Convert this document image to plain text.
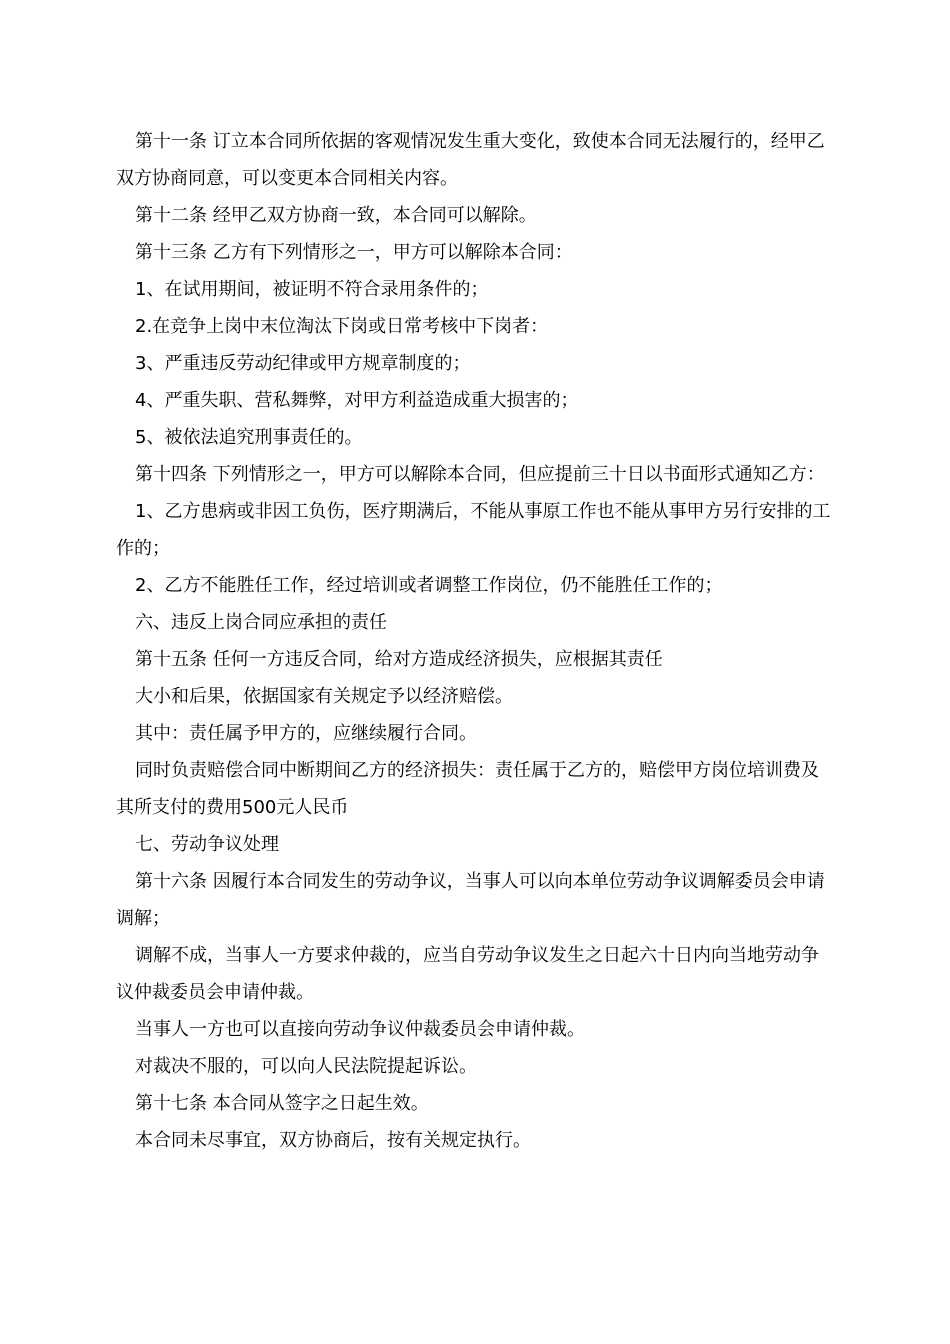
第十一条 订立本合同所依据的客观情况发生重大变化，致使本合同无法履行的，经甲乙双方协商同意，可以变更本合同相关内容。

第十二条 经甲乙双方协商一致，本合同可以解除。

第十三条 乙方有下列情形之一，甲方可以解除本合同：

1、在试用期间，被证明不符合录用条件的；

2.在竞争上岗中末位淘汰下岗或日常考核中下岗者：

3、严重违反劳动纪律或甲方规章制度的；

4、严重失职、营私舞弊，对甲方利益造成重大损害的；

5、被依法追究刑事责任的。

第十四条 下列情形之一，甲方可以解除本合同，但应提前三十日以书面形式通知乙方：

1、乙方患病或非因工负伤，医疗期满后，不能从事原工作也不能从事甲方另行安排的工作的；

2、乙方不能胜任工作，经过培训或者调整工作岗位，仍不能胜任工作的；

六、违反上岗合同应承担的责任

第十五条 任何一方违反合同，给对方造成经济损失，应根据其责任

大小和后果，依据国家有关规定予以经济赔偿。

其中：责任属予甲方的，应继续履行合同。

同时负责赔偿合同中断期间乙方的经济损失：责任属于乙方的，赔偿甲方岗位培训费及其所支付的费用500元人民币

七、劳动争议处理

第十六条 因履行本合同发生的劳动争议，当事人可以向本单位劳动争议调解委员会申请调解；

调解不成，当事人一方要求仲裁的，应当自劳动争议发生之日起六十日内向当地劳动争议仲裁委员会申请仲裁。

当事人一方也可以直接向劳动争议仲裁委员会申请仲裁。

对裁决不服的，可以向人民法院提起诉讼。

第十七条 本合同从签字之日起生效。

本合同未尽事宜，双方协商后，按有关规定执行。
